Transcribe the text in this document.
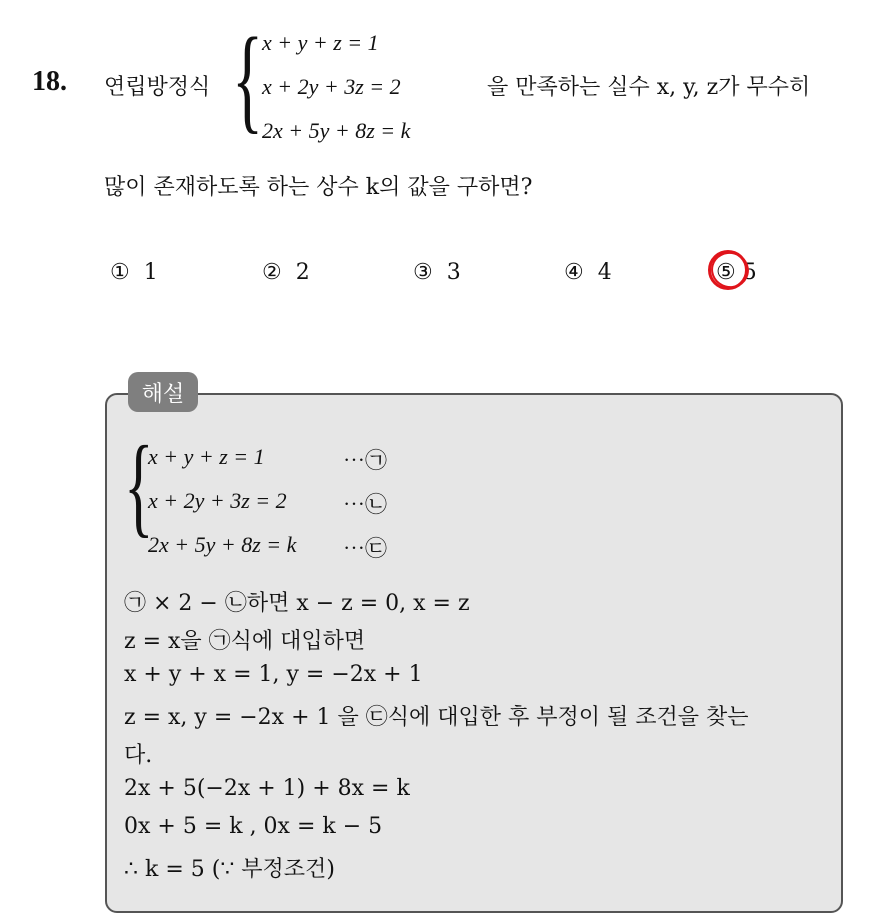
18. 연립방정식 {
x + y + z = 1
x + 2y + 3z = 2
2x + 5y + 8z = k
을 만족하는 실수 x, y, z가 무수히
많이 존재하도록 하는 상수 k의 값을 구하면?
① 1	② 2	③ 3	④ 4	⑤ 5
해설
{
x + y + z = 1	⋯㉠
x + 2y + 3z = 2	⋯㉡
2x + 5y + 8z = k ⋯㉢
㉠ × 2 − ㉡하면 x − z = 0, x = z
z = x을 ㉠식에 대입하면
x + y + x = 1, y = −2x + 1
z = x, y = −2x + 1 을 ㉢식에 대입한 후 부정이 될 조건을 찾는
다.
2x + 5(−2x + 1) + 8x = k
0x + 5 = k , 0x = k − 5
∴ k = 5 (∵ 부정조건)
